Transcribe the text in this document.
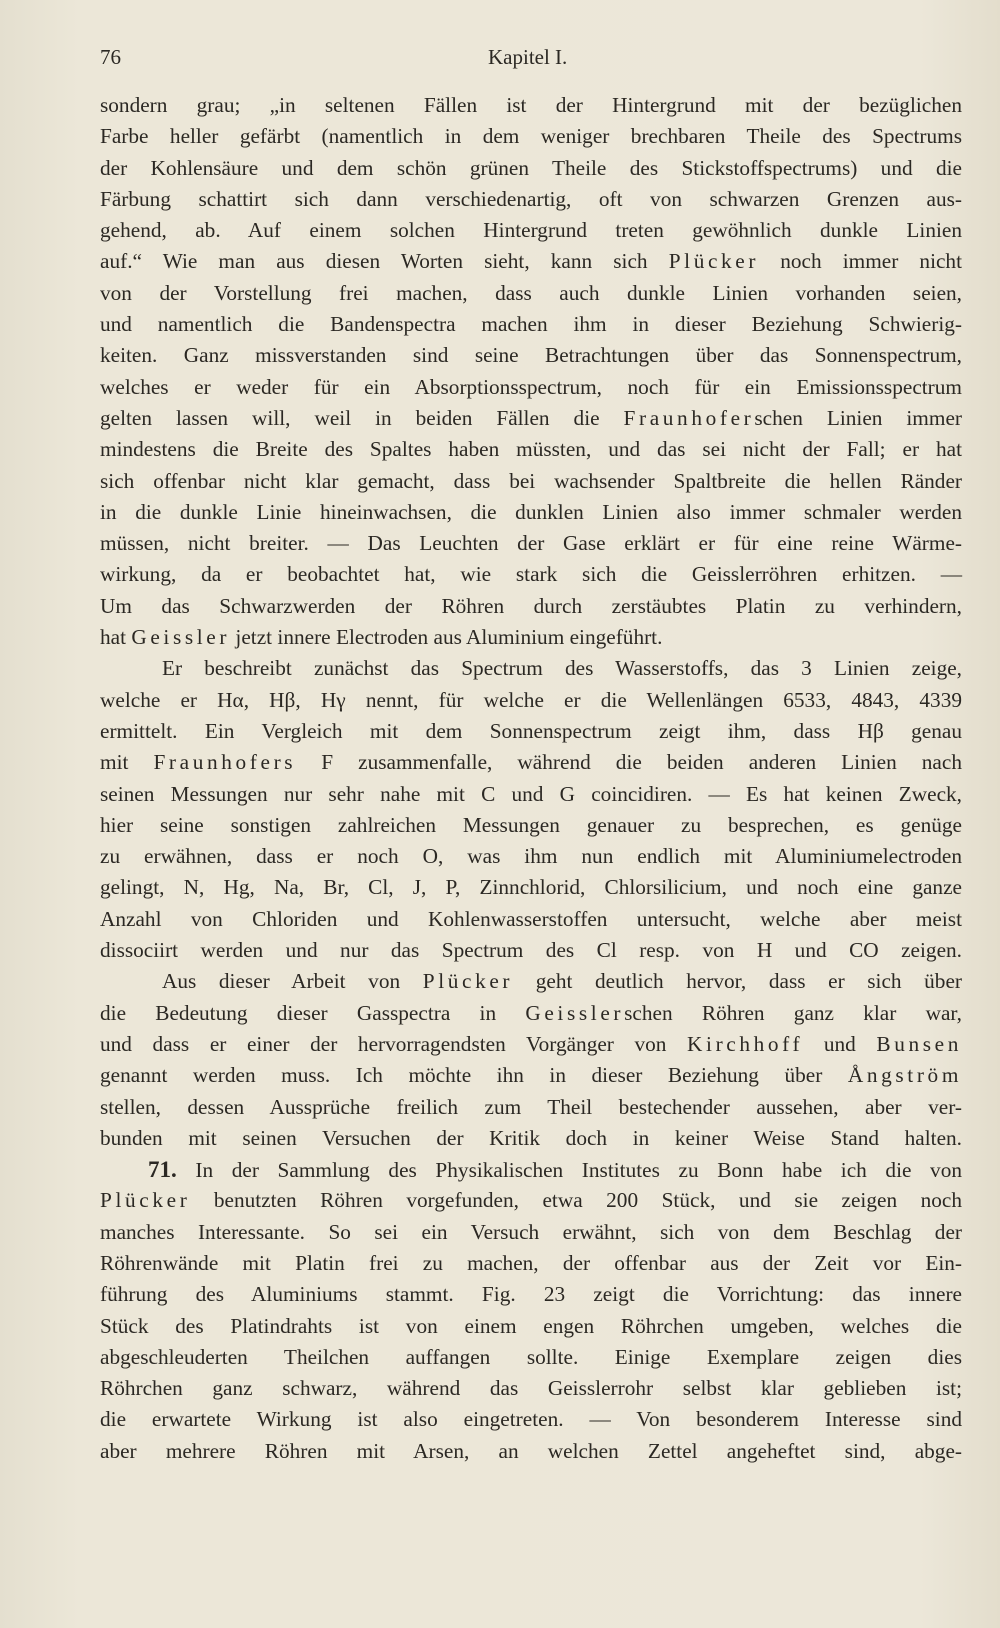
76	Kapitel I.
sondern grau; „in seltenen Fällen ist der Hintergrund mit der bezüglichen
Farbe heller gefärbt (namentlich in dem weniger brechbaren Theile des Spectrums
der Kohlensäure und dem schön grünen Theile des Stickstoffspectrums) und die
Färbung schattirt sich dann verschiedenartig, oft von schwarzen Grenzen aus-
gehend, ab. Auf einem solchen Hintergrund treten gewöhnlich dunkle Linien
auf.“ Wie man aus diesen Worten sieht, kann sich Plücker noch immer nicht
von der Vorstellung frei machen, dass auch dunkle Linien vorhanden seien,
und namentlich die Bandenspectra machen ihm in dieser Beziehung Schwierig-
keiten. Ganz missverstanden sind seine Betrachtungen über das Sonnenspectrum,
welches er weder für ein Absorptionsspectrum, noch für ein Emissionsspectrum
gelten lassen will, weil in beiden Fällen die Fraunhoferschen Linien immer
mindestens die Breite des Spaltes haben müssten, und das sei nicht der Fall; er hat
sich offenbar nicht klar gemacht, dass bei wachsender Spaltbreite die hellen Ränder
in die dunkle Linie hineinwachsen, die dunklen Linien also immer schmaler werden
müssen, nicht breiter. — Das Leuchten der Gase erklärt er für eine reine Wärme-
wirkung, da er beobachtet hat, wie stark sich die Geisslerröhren erhitzen. —
Um das Schwarzwerden der Röhren durch zerstäubtes Platin zu verhindern,
hat Geissler jetzt innere Electroden aus Aluminium eingeführt.
Er beschreibt zunächst das Spectrum des Wasserstoffs, das 3 Linien zeige,
welche er Hα, Hβ, Hγ nennt, für welche er die Wellenlängen 6533, 4843, 4339
ermittelt. Ein Vergleich mit dem Sonnenspectrum zeigt ihm, dass Hβ genau
mit Fraunhofers F zusammenfalle, während die beiden anderen Linien nach
seinen Messungen nur sehr nahe mit C und G coincidiren. — Es hat keinen Zweck,
hier seine sonstigen zahlreichen Messungen genauer zu besprechen, es genüge
zu erwähnen, dass er noch O, was ihm nun endlich mit Aluminiumelectroden
gelingt, N, Hg, Na, Br, Cl, J, P, Zinnchlorid, Chlorsilicium, und noch eine ganze
Anzahl von Chloriden und Kohlenwasserstoffen untersucht, welche aber meist
dissociirt werden und nur das Spectrum des Cl resp. von H und CO zeigen.
Aus dieser Arbeit von Plücker geht deutlich hervor, dass er sich über
die Bedeutung dieser Gasspectra in Geisslerschen Röhren ganz klar war,
und dass er einer der hervorragendsten Vorgänger von Kirchhoff und Bunsen
genannt werden muss. Ich möchte ihn in dieser Beziehung über Ångström
stellen, dessen Aussprüche freilich zum Theil bestechender aussehen, aber ver-
bunden mit seinen Versuchen der Kritik doch in keiner Weise Stand halten.
71. In der Sammlung des Physikalischen Institutes zu Bonn habe ich die von
Plücker benutzten Röhren vorgefunden, etwa 200 Stück, und sie zeigen noch
manches Interessante. So sei ein Versuch erwähnt, sich von dem Beschlag der
Röhrenwände mit Platin frei zu machen, der offenbar aus der Zeit vor Ein-
führung des Aluminiums stammt. Fig. 23 zeigt die Vorrichtung: das innere
Stück des Platindrahts ist von einem engen Röhrchen umgeben, welches die
abgeschleuderten Theilchen auffangen sollte. Einige Exemplare zeigen dies
Röhrchen ganz schwarz, während das Geisslerrohr selbst klar geblieben ist;
die erwartete Wirkung ist also eingetreten. — Von besonderem Interesse sind
aber mehrere Röhren mit Arsen, an welchen Zettel angeheftet sind, abge-
